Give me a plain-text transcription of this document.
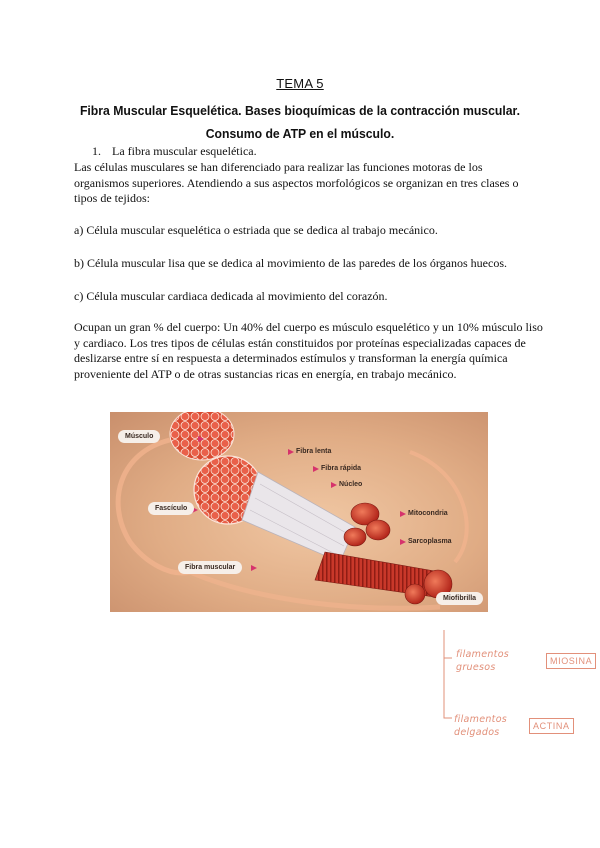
TEMA 5
Fibra Muscular Esquelética. Bases bioquímicas de la contracción muscular. Consumo de ATP en el músculo.
1. La fibra muscular esquelética.
Las células musculares se han diferenciado para realizar las funciones motoras de los organismos superiores. Atendiendo a sus aspectos morfológicos se organizan en tres clases o tipos de tejidos:
a) Célula muscular esquelética o estriada que se dedica al trabajo mecánico.
b) Célula muscular lisa que se dedica al movimiento de las paredes de los órganos huecos.
c) Célula muscular cardiaca dedicada al movimiento del corazón.
Ocupan un gran % del cuerpo: Un 40% del cuerpo es músculo esquelético y un 10% músculo liso y cardiaco. Los tres tipos de células están constituidos por proteínas especializadas capaces de deslizarse entre sí en respuesta a determinados estímulos y transforman la energía química proveniente del ATP o de otras sustancias ricas en energía, en trabajo mecánico.
Músculo
Fascículo
Fibra muscular
Fibra lenta
Fibra rápida
Núcleo
Mitocondria
Sarcoplasma
Miofibrilla
filamentos gruesos
MIOSINA
filamentos delgados
ACTINA
